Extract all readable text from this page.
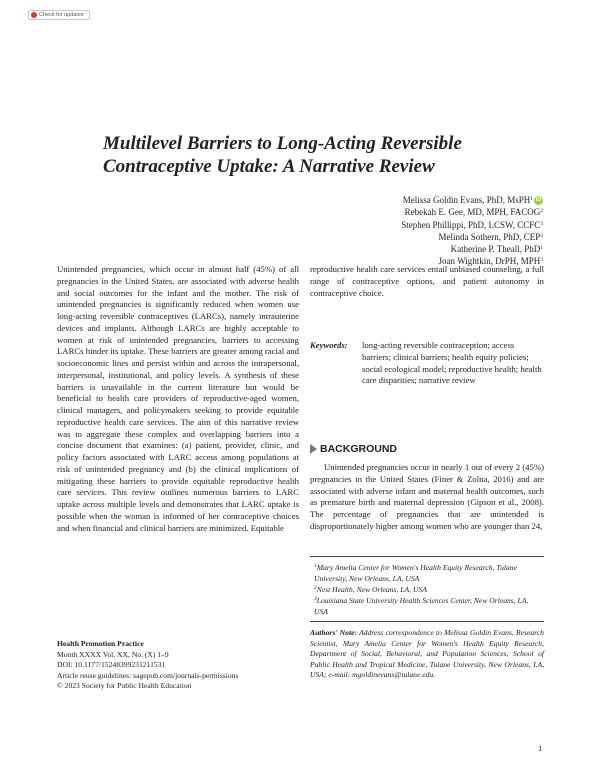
Check for updates
Multilevel Barriers to Long-Acting Reversible
Contraceptive Uptake: A Narrative Review
Melissa Goldin Evans, PhD, MsPH$^1$ iD
Rebekah E. Gee, MD, MPH, FACOG$^2$
Stephen Phillippi, PhD, LCSW, CCFC$^3$
Melinda Sothern, PhD, CEP$^3$
Katherine P. Theall, PhD$^1$
Joan Wightkin, DrPH, MPH$^3$
Unintended pregnancies, which occur in almost half (45%) of all pregnancies in the United States, are associated with adverse health and social outcomes for the infant and the mother. The risk of unintended pregnancies is significantly reduced when women use long-acting reversible contraceptives (LARCs), namely intrauterine devices and implants. Although LARCs are highly acceptable to women at risk of unintended pregnancies, barriers to accessing LARCs hinder its uptake. These barriers are greater among racial and socioeconomic lines and persist within and across the intrapersonal, interpersonal, institutional, and policy levels. A synthesis of these barriers is unavailable in the current literature but would be beneficial to health care providers of reproductive-aged women, clinical managers, and policymakers seeking to provide equitable reproductive health care services. The aim of this narrative review was to aggregate these complex and overlapping barriers into a concise document that examines: (a) patient, provider, clinic, and policy factors associated with LARC access among populations at risk of unintended pregnancy and (b) the clinical implications of mitigating these barriers to provide equitable reproductive health care services. This review outlines numerous barriers to LARC uptake across multiple levels and demonstrates that LARC uptake is possible when the woman is informed of her contraceptive choices and when financial and clinical barriers are minimized. Equitable
reproductive health care services entail unbiased counseling, a full range of contraceptive options, and patient autonomy in contraceptive choice.
Keywords:	long-acting reversible contraception; access barriers; clinical barriers; health equity policies; social ecological model; reproductive health; health care disparities; narrative review
BACKGROUND
Unintended pregnancies occur in nearly 1 out of every 2 (45%) pregnancies in the United States (Finer & Zolna, 2016) and are associated with adverse infant and maternal health outcomes, such as premature birth and maternal depression (Gipson et al., 2008). The percentage of pregnancies that are unintended is disproportionately higher among women who are younger than 24,
$^1$Mary Amelia Center for Women's Health Equity Research, Tulane University, New Orleans, LA, USA
$^2$Nest Health, New Orleans, LA, USA
$^3$Louisiana State University Health Sciences Center, New Orleans, LA, USA
Health Promotion Practice
Month XXXX Vol. XX, No. (X) 1–9
DOI: 10.1177/15248399231211531
Article reuse guidelines: sagepub.com/journals-permissions
© 2023 Society for Public Health Education
Authors' Note: Address correspondence to Melissa Goldin Evans, Research Scientist, Mary Amelia Center for Women's Health Equity Research, Department of Social, Behavioral, and Population Sciences, School of Public Health and Tropical Medicine, Tulane University, New Orleans, LA, USA; e-mail: mgoldinevans@tulane.edu.
1
